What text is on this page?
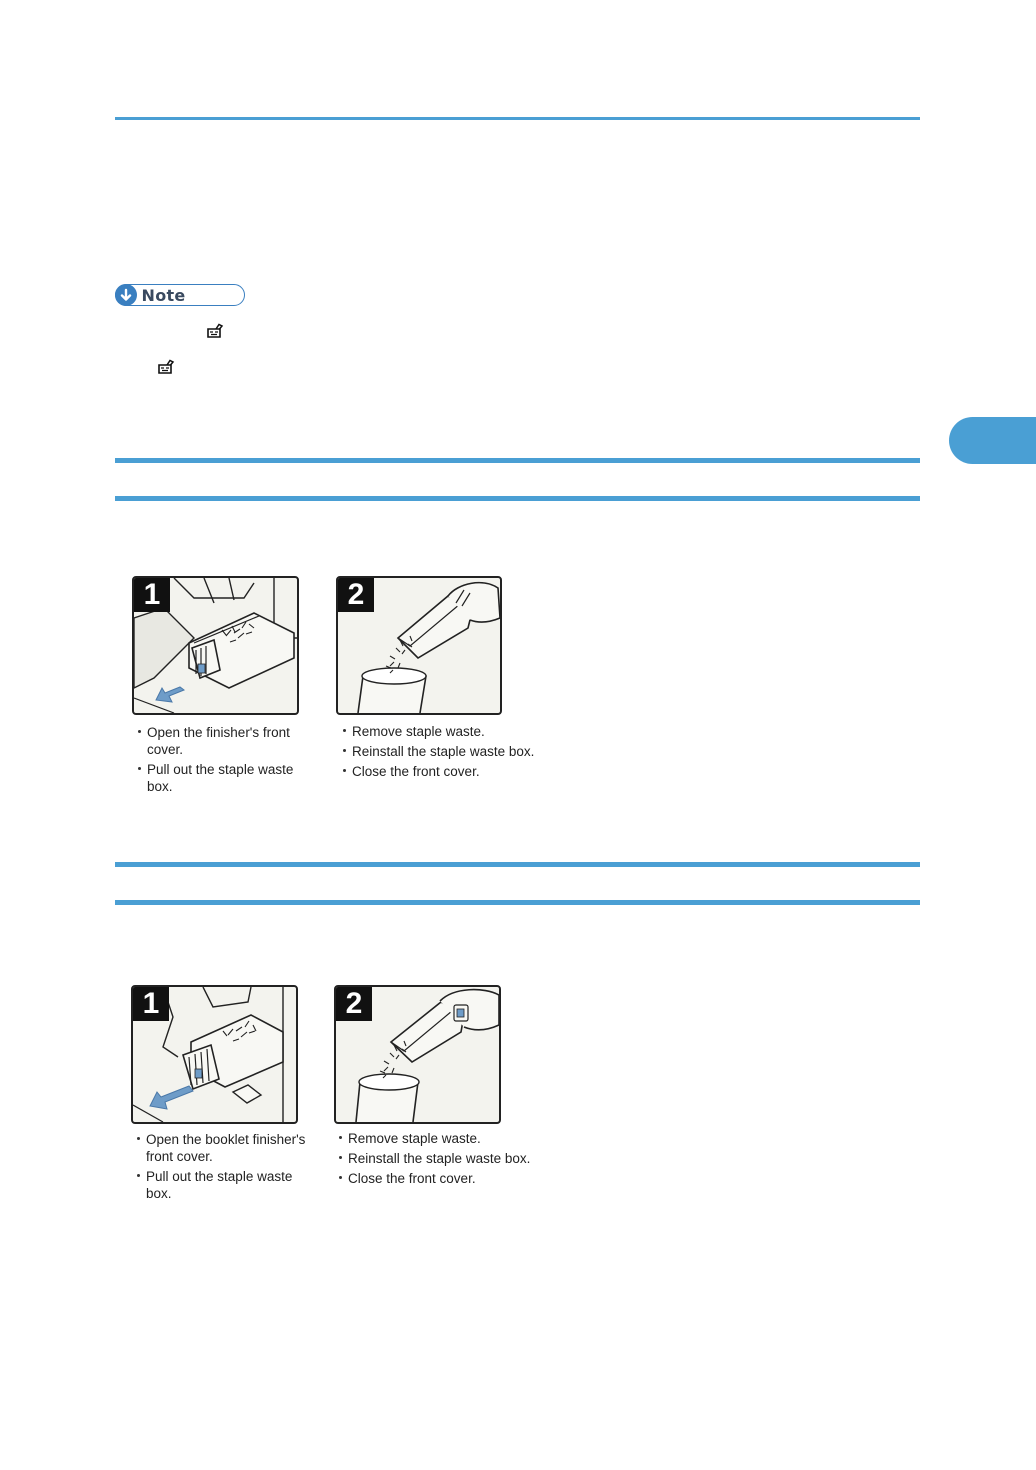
Note
1
Open the finisher's front cover.
Pull out the staple waste box.
2
Remove staple waste.
Reinstall the staple waste box.
Close the front cover.
1
Open the booklet finisher's front cover.
Pull out the staple waste box.
2
Remove staple waste.
Reinstall the staple waste box.
Close the front cover.
